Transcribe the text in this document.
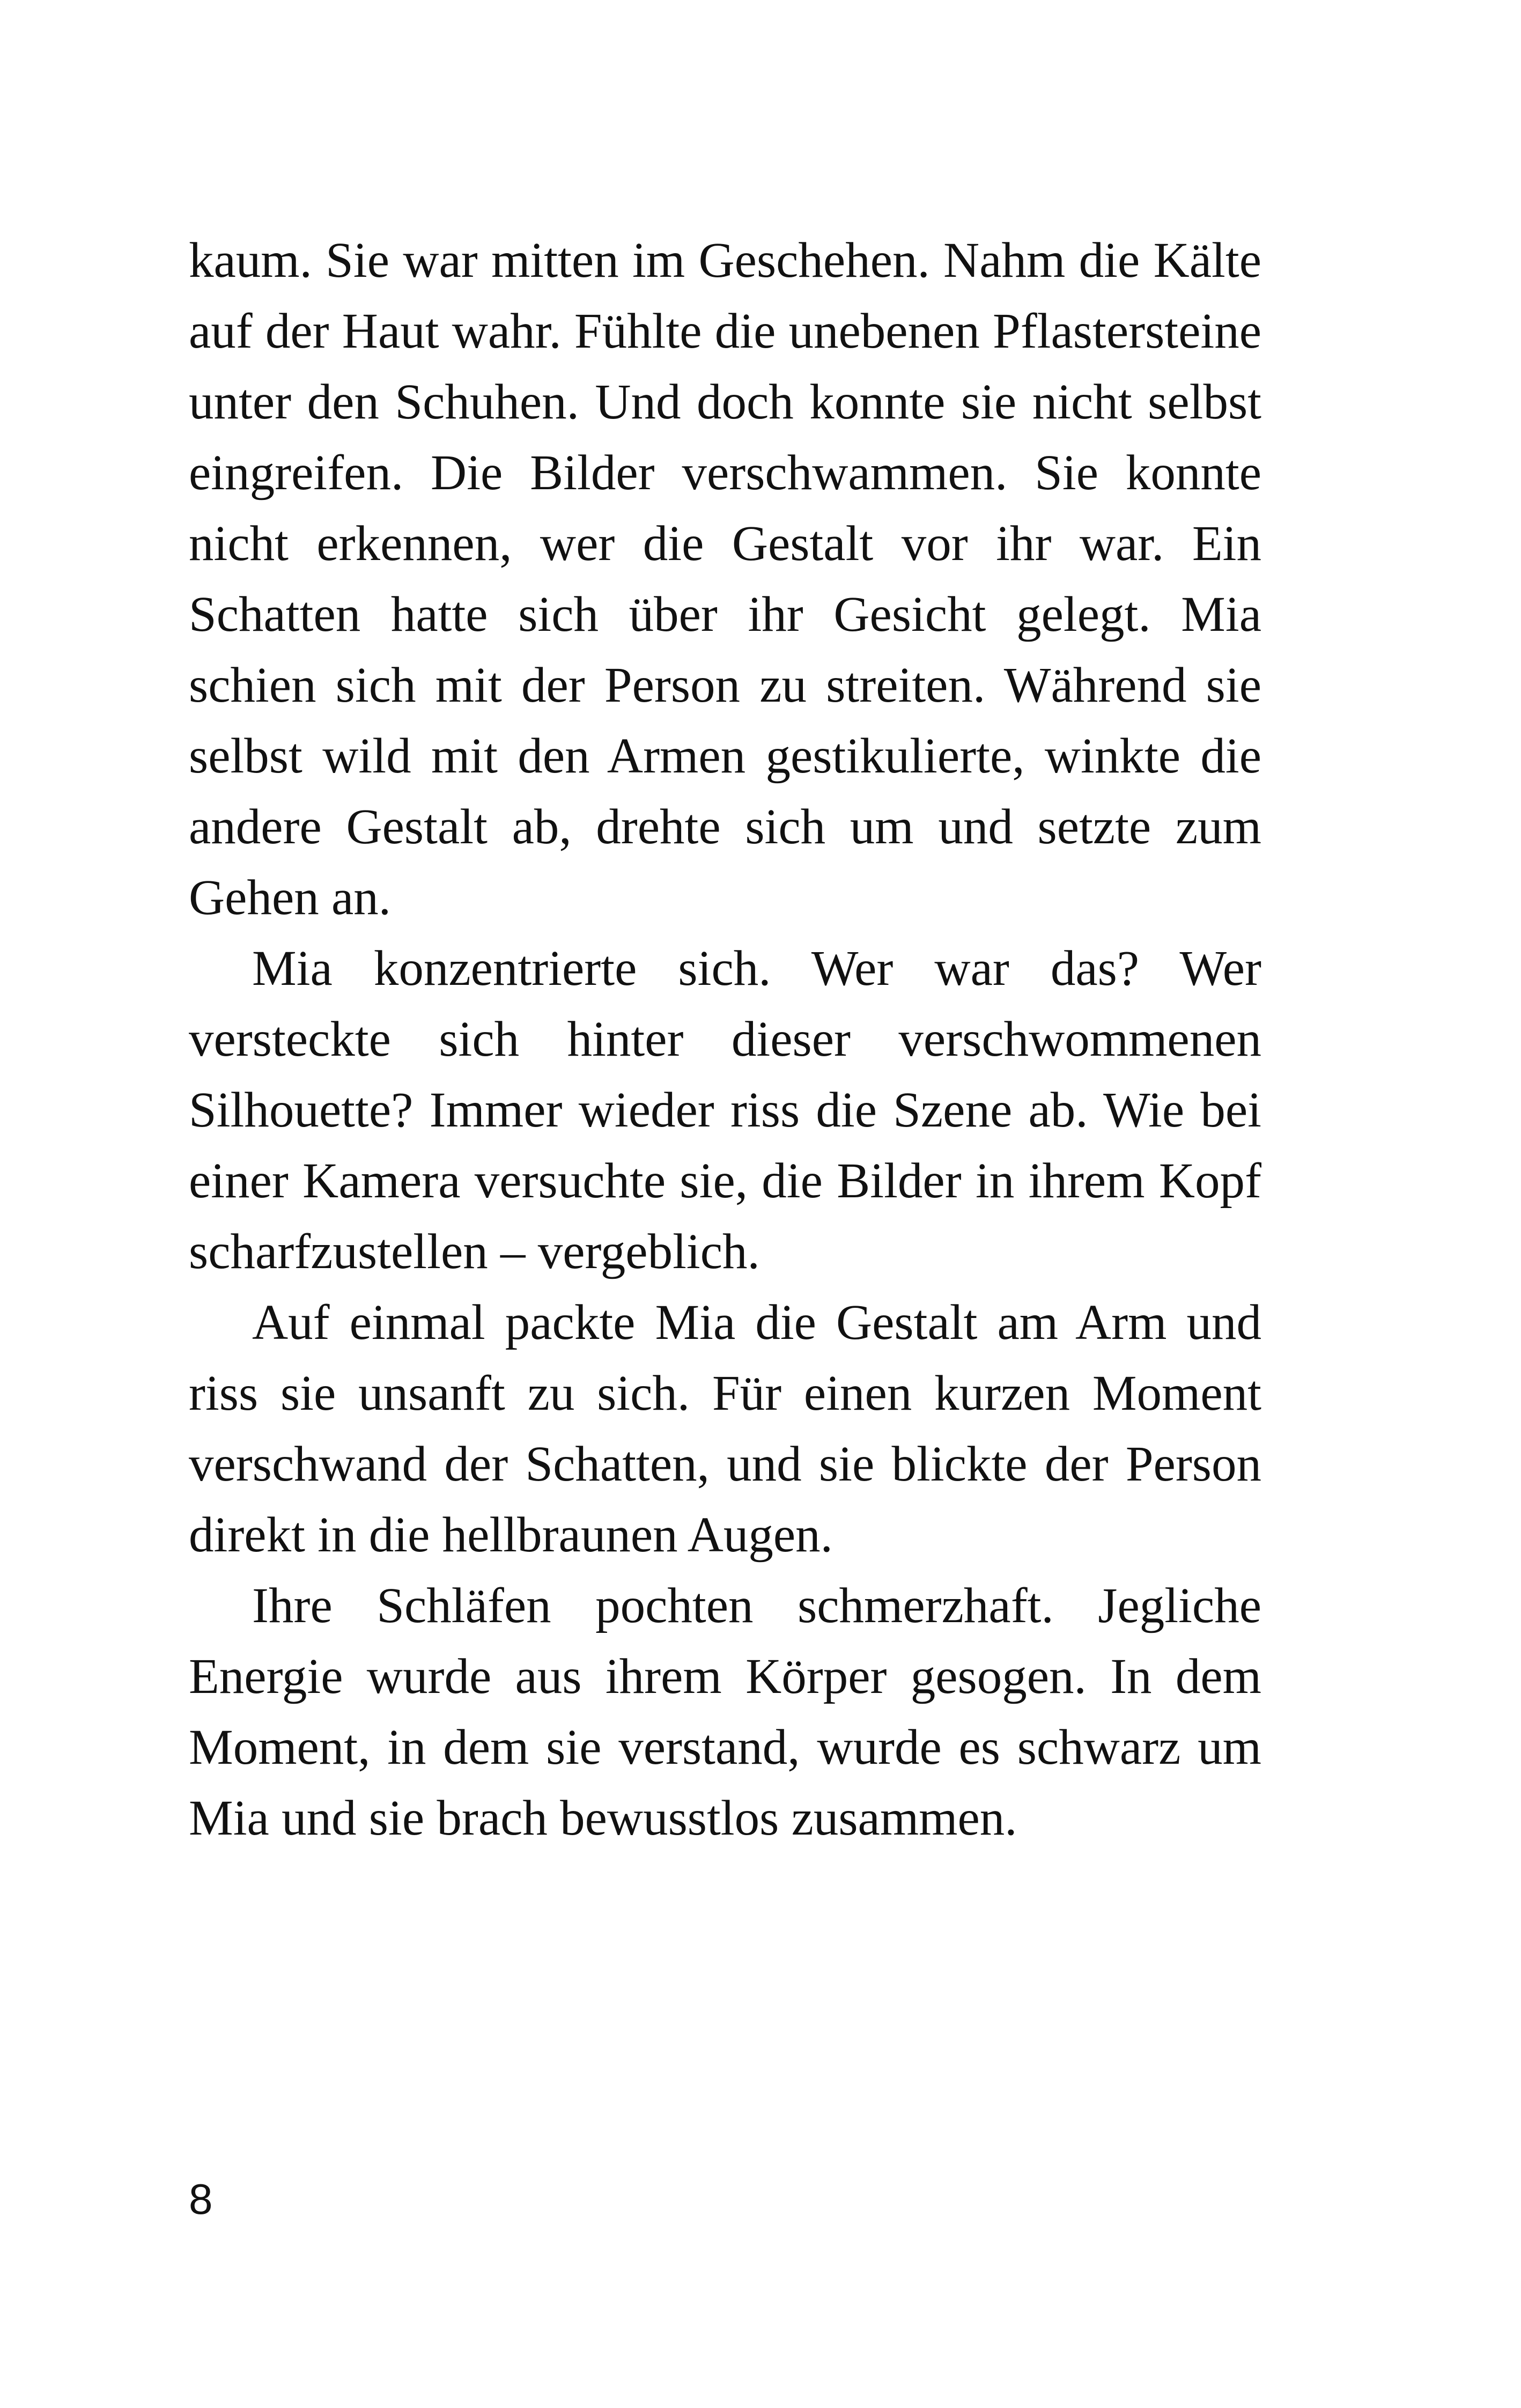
kaum. Sie war mitten im Geschehen. Nahm die Kälte auf der Haut wahr. Fühlte die unebenen Pflastersteine unter den Schuhen. Und doch konnte sie nicht selbst eingreifen. Die Bilder verschwammen. Sie konnte nicht erkennen, wer die Gestalt vor ihr war. Ein Schatten hatte sich über ihr Gesicht gelegt. Mia schien sich mit der Person zu streiten. Während sie selbst wild mit den Armen gestikulierte, winkte die andere Gestalt ab, drehte sich um und setzte zum Gehen an.

Mia konzentrierte sich. Wer war das? Wer versteckte sich hinter dieser verschwommenen Silhouette? Immer wieder riss die Szene ab. Wie bei einer Kamera versuchte sie, die Bilder in ihrem Kopf scharfzustellen – vergeblich.

Auf einmal packte Mia die Gestalt am Arm und riss sie unsanft zu sich. Für einen kurzen Moment verschwand der Schatten, und sie blickte der Person direkt in die hellbraunen Augen.

Ihre Schläfen pochten schmerzhaft. Jegliche Energie wurde aus ihrem Körper gesogen. In dem Moment, in dem sie verstand, wurde es schwarz um Mia und sie brach bewusstlos zusammen.

8
